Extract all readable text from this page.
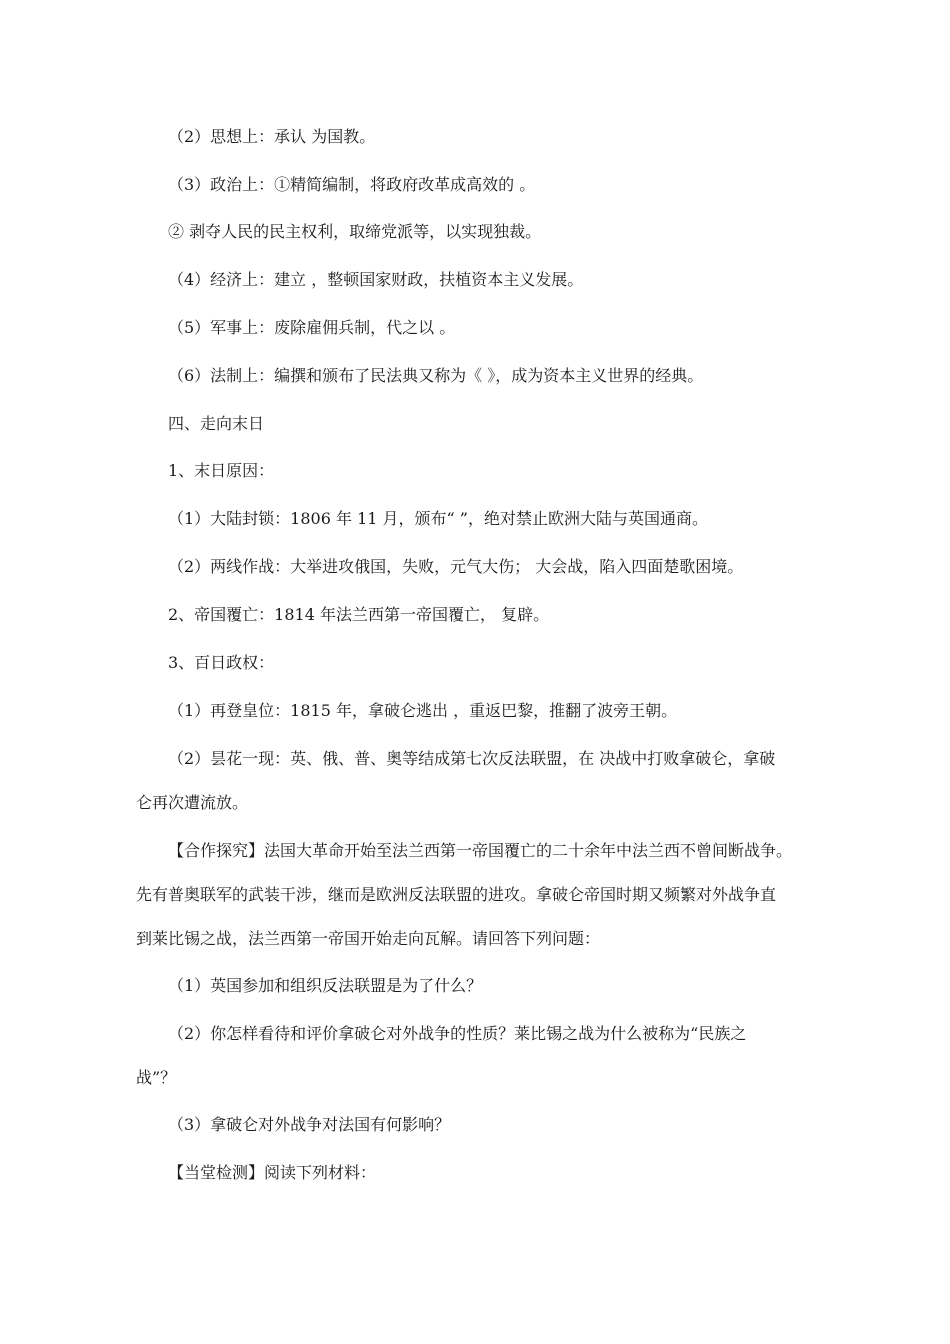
（2）思想上：承认 为国教。
（3）政治上：①精简编制，将政府改革成高效的 。
② 剥夺人民的民主权利，取缔党派等，以实现独裁。
（4）经济上：建立 ，整顿国家财政，扶植资本主义发展。
（5）军事上：废除雇佣兵制，代之以 。
（6）法制上：编撰和颁布了民法典又称为《 》，成为资本主义世界的经典。
四、走向末日
1、末日原因：
（1）大陆封锁：1806 年 11 月，颁布“ ”，绝对禁止欧洲大陆与英国通商。
（2）两线作战：大举进攻俄国，失败，元气大伤； 大会战，陷入四面楚歌困境。
2、帝国覆亡：1814 年法兰西第一帝国覆亡， 复辟。
3、百日政权：
（1）再登皇位：1815 年，拿破仑逃出 ，重返巴黎，推翻了波旁王朝。
（2）昙花一现：英、俄、普、奥等结成第七次反法联盟，在 决战中打败拿破仑，拿破
仑再次遭流放。
【合作探究】法国大革命开始至法兰西第一帝国覆亡的二十余年中法兰西不曾间断战争。
先有普奥联军的武装干涉，继而是欧洲反法联盟的进攻。拿破仑帝国时期又频繁对外战争直
到莱比锡之战，法兰西第一帝国开始走向瓦解。请回答下列问题：
（1）英国参加和组织反法联盟是为了什么？
（2）你怎样看待和评价拿破仑对外战争的性质？莱比锡之战为什么被称为“民族之
战”？
（3）拿破仑对外战争对法国有何影响？
【当堂检测】阅读下列材料：
